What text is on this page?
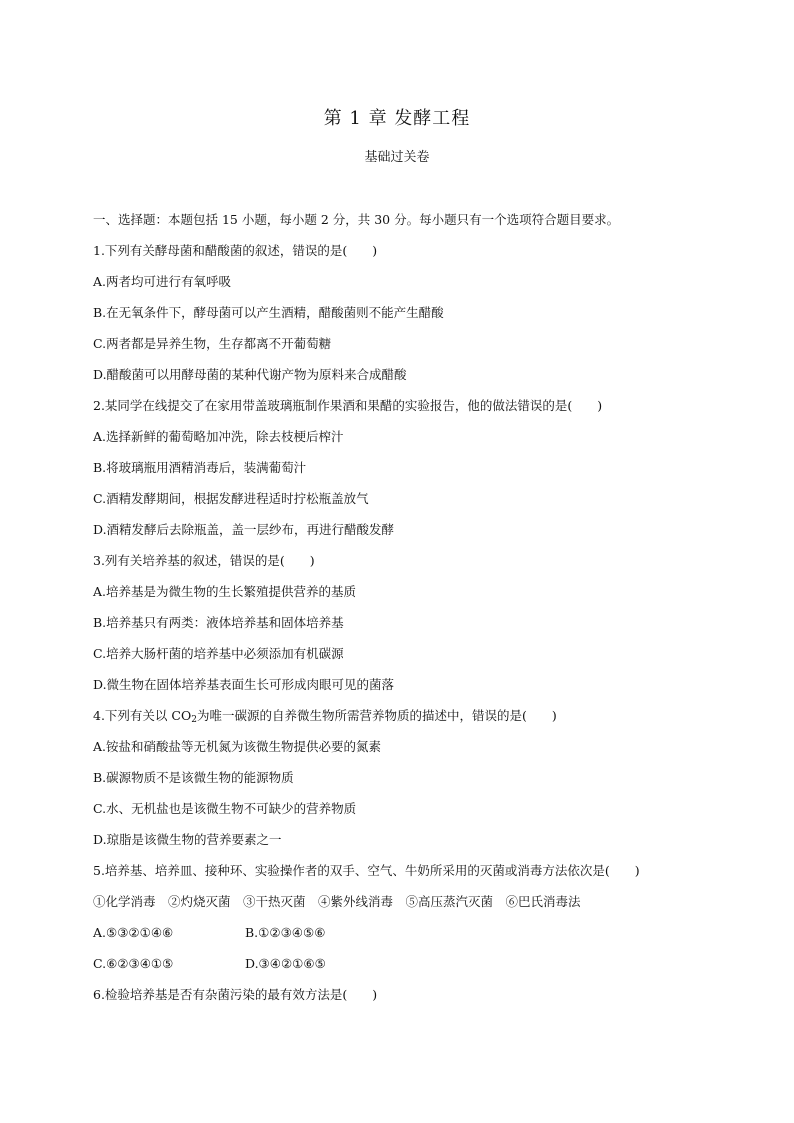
第 1 章 发酵工程
基础过关卷
一、选择题：本题包括 15 小题，每小题 2 分，共 30 分。每小题只有一个选项符合题目要求。
1.下列有关酵母菌和醋酸菌的叙述，错误的是(　　)
A.两者均可进行有氧呼吸
B.在无氧条件下，酵母菌可以产生酒精，醋酸菌则不能产生醋酸
C.两者都是异养生物，生存都离不开葡萄糖
D.醋酸菌可以用酵母菌的某种代谢产物为原料来合成醋酸
2.某同学在线提交了在家用带盖玻璃瓶制作果酒和果醋的实验报告，他的做法错误的是(　　)
A.选择新鲜的葡萄略加冲洗，除去枝梗后榨汁
B.将玻璃瓶用酒精消毒后，装满葡萄汁
C.酒精发酵期间，根据发酵进程适时拧松瓶盖放气
D.酒精发酵后去除瓶盖，盖一层纱布，再进行醋酸发酵
3.列有关培养基的叙述，错误的是(　　)
A.培养基是为微生物的生长繁殖提供营养的基质
B.培养基只有两类：液体培养基和固体培养基
C.培养大肠杆菌的培养基中必须添加有机碳源
D.微生物在固体培养基表面生长可形成肉眼可见的菌落
4.下列有关以 $CO_2$为唯一碳源的自养微生物所需营养物质的描述中，错误的是(　　)
A.铵盐和硝酸盐等无机氮为该微生物提供必要的氮素
B.碳源物质不是该微生物的能源物质
C.水、无机盐也是该微生物不可缺少的营养物质
D.琼脂是该微生物的营养要素之一
5.培养基、培养皿、接种环、实验操作者的双手、空气、牛奶所采用的灭菌或消毒方法依次是(　　)
①化学消毒　②灼烧灭菌　③干热灭菌　④紫外线消毒　⑤高压蒸汽灭菌　⑥巴氏消毒法
A.⑤③②①④⑥	B.①②③④⑤⑥
C.⑥②③④①⑤	D.③④②①⑥⑤
6.检验培养基是否有杂菌污染的最有效方法是(　　)
